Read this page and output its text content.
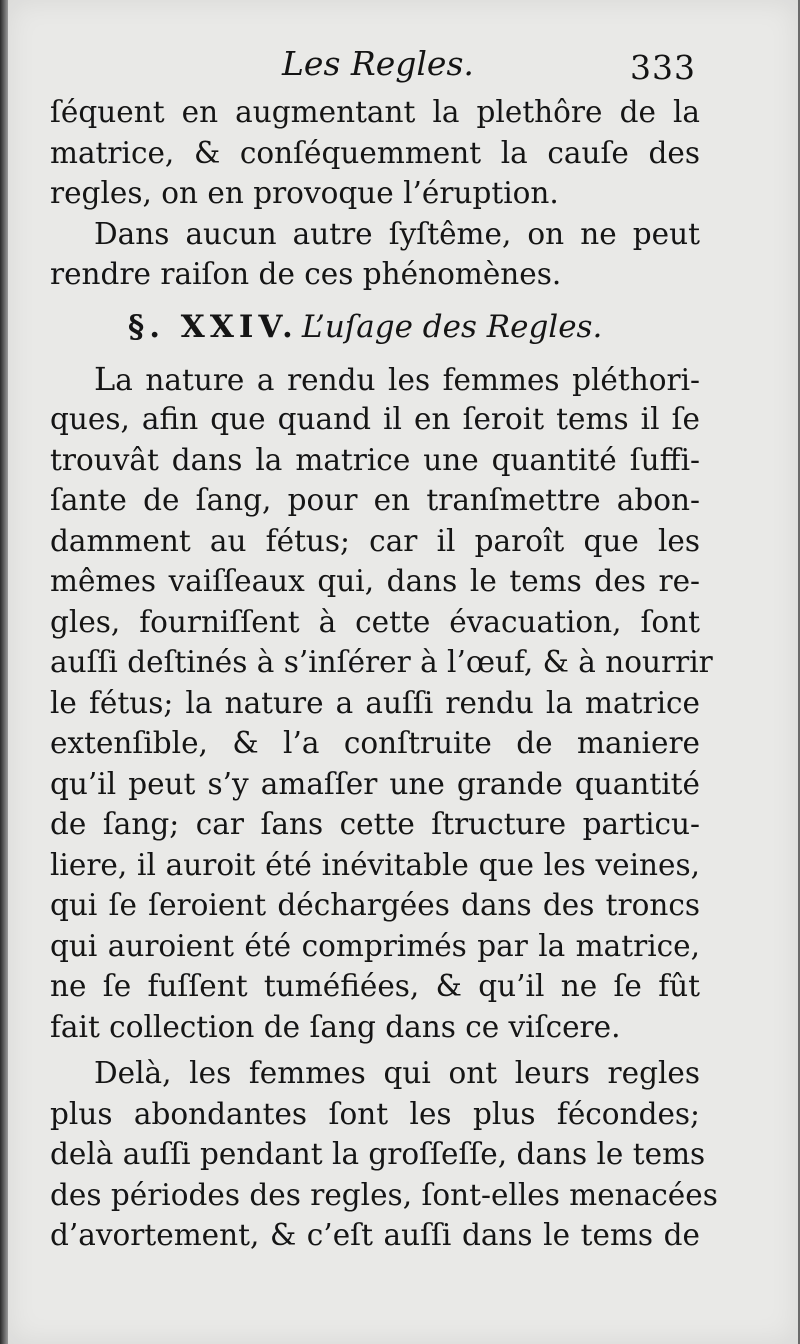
Les Regles.	333
ſéquent en augmentant la plethôre de la
matrice, & conſéquemment la cauſe des
regles, on en provoque l’éruption.
Dans aucun autre ſyſtême, on ne peut
rendre raiſon de ces phénomènes.
§. XXIV. L’uſage des Regles.
La nature a rendu les femmes pléthori-
ques, afin que quand il en ſeroit tems il ſe
trouvât dans la matrice une quantité ſuffi-
ſante de ſang, pour en tranſmettre abon-
damment au fétus; car il paroît que les
mêmes vaiſſeaux qui, dans le tems des re-
gles, fourniſſent à cette évacuation, ſont
auſſi deſtinés à s’inſérer à l’œuf, & à nourrir
le fétus; la nature a auſſi rendu la matrice
extenſible, & l’a conſtruite de maniere
qu’il peut s’y amaſſer une grande quantité
de ſang; car ſans cette ſtructure particu-
liere, il auroit été inévitable que les veines,
qui ſe ſeroient déchargées dans des troncs
qui auroient été comprimés par la matrice,
ne ſe fuſſent tuméfiées, & qu’il ne ſe fût
fait collection de ſang dans ce viſcere.
Delà, les femmes qui ont leurs regles
plus abondantes ſont les plus fécondes;
delà auſſi pendant la groſſeſſe, dans le tems
des périodes des regles, ſont-elles menacées
d’avortement, & c’eſt auſſi dans le tems de
